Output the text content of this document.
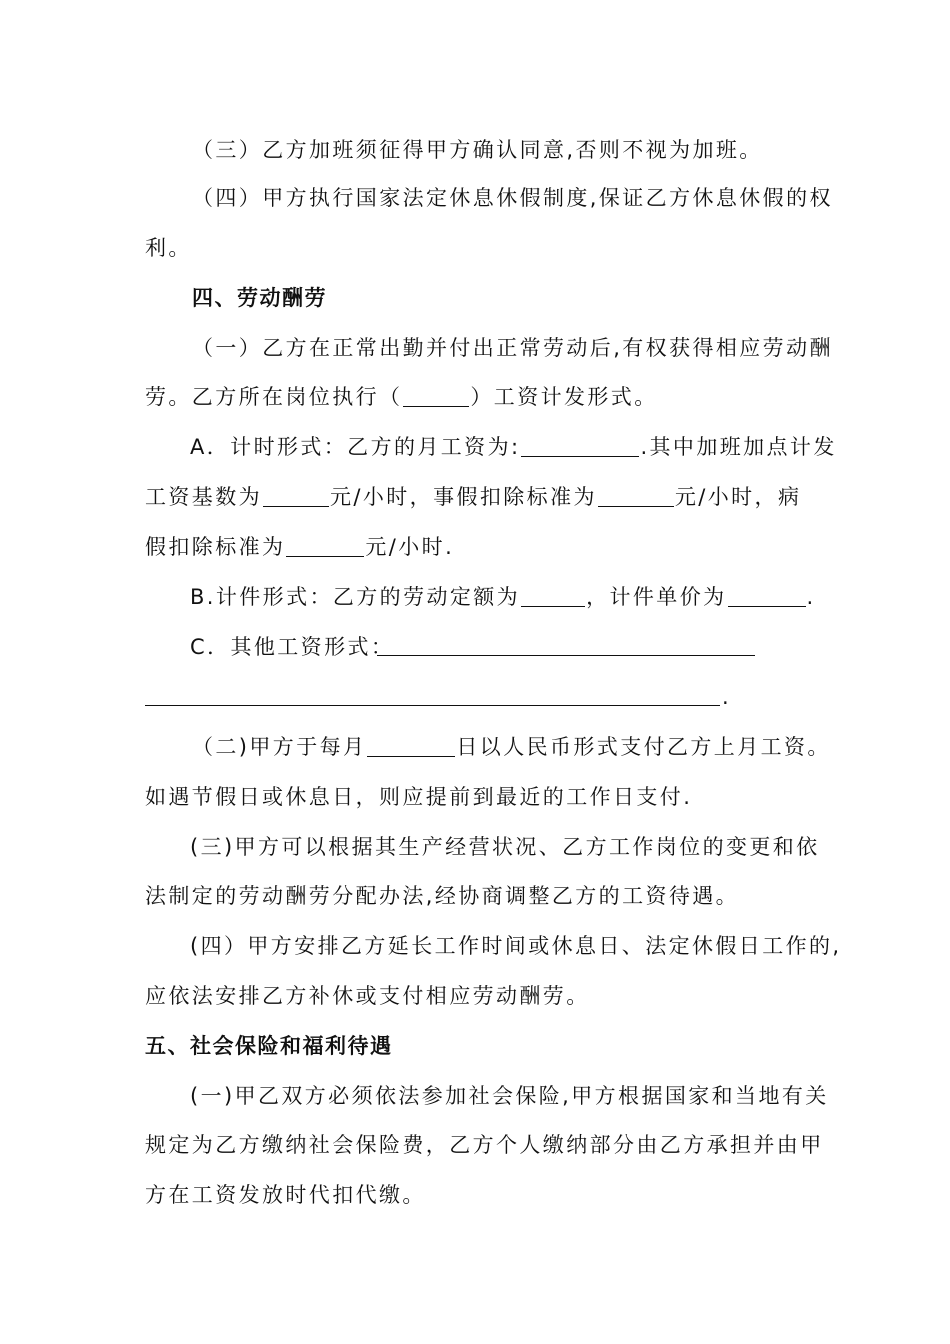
（三）乙方加班须征得甲方确认同意,否则不视为加班。
（四）甲方执行国家法定休息休假制度,保证乙方休息休假的权
利。
四、劳动酬劳
（一）乙方在正常出勤并付出正常劳动后,有权获得相应劳动酬
劳。乙方所在岗位执行（	）工资计发形式。
A．计时形式：乙方的月工资为:	.其中加班加点计发
工资基数为	元/小时，事假扣除标准为	元/小时，病
假扣除标准为	元/小时.
B.计件形式：乙方的劳动定额为	，计件单价为	.
C．其他工资形式：
.
（二)甲方于每月	日以人民币形式支付乙方上月工资。
如遇节假日或休息日，则应提前到最近的工作日支付.
(三)甲方可以根据其生产经营状况、乙方工作岗位的变更和依
法制定的劳动酬劳分配办法,经协商调整乙方的工资待遇。
(四）甲方安排乙方延长工作时间或休息日、法定休假日工作的,
应依法安排乙方补休或支付相应劳动酬劳。
五、社会保险和福利待遇
(一)甲乙双方必须依法参加社会保险,甲方根据国家和当地有关
规定为乙方缴纳社会保险费，乙方个人缴纳部分由乙方承担并由甲
方在工资发放时代扣代缴。
